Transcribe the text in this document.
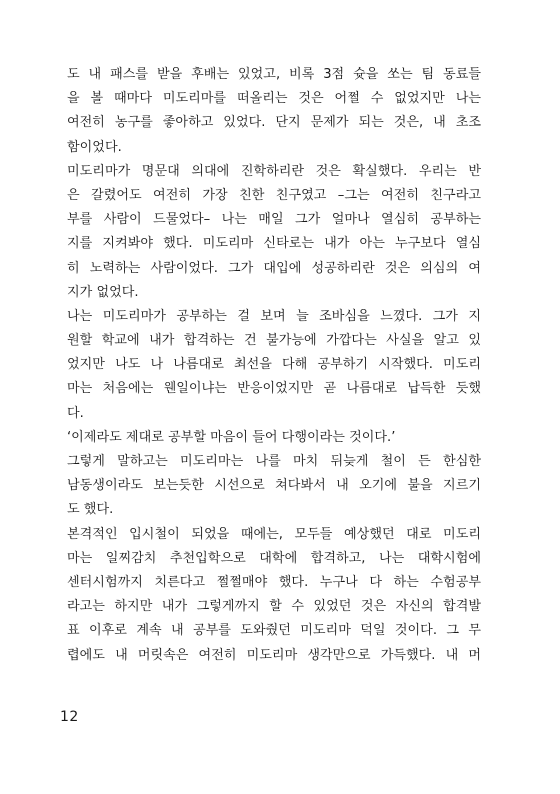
도 내 패스를 받을 후배는 있었고, 비록 3점 슛을 쏘는 팀 동료들
을 볼 때마다 미도리마를 떠올리는 것은 어쩔 수 없었지만 나는
여전히 농구를 좋아하고 있었다. 단지 문제가 되는 것은, 내 초조
함이었다.
미도리마가 명문대 의대에 진학하리란 것은 확실했다. 우리는 반
은 갈렸어도 여전히 가장 친한 친구였고 –그는 여전히 친구라고
부를 사람이 드물었다– 나는 매일 그가 얼마나 열심히 공부하는
지를 지켜봐야 했다. 미도리마 신타로는 내가 아는 누구보다 열심
히 노력하는 사람이었다. 그가 대입에 성공하리란 것은 의심의 여
지가 없었다.
나는 미도리마가 공부하는 걸 보며 늘 조바심을 느꼈다. 그가 지
원할 학교에 내가 합격하는 건 불가능에 가깝다는 사실을 알고 있
었지만 나도 나 나름대로 최선을 다해 공부하기 시작했다. 미도리
마는 처음에는 웬일이냐는 반응이었지만 곧 나름대로 납득한 듯했
다.
‘이제라도 제대로 공부할 마음이 들어 다행이라는 것이다.’
그렇게 말하고는 미도리마는 나를 마치 뒤늦게 철이 든 한심한
남동생이라도 보는듯한 시선으로 쳐다봐서 내 오기에 불을 지르기
도 했다.
본격적인 입시철이 되었을 때에는, 모두들 예상했던 대로 미도리
마는 일찌감치 추천입학으로 대학에 합격하고, 나는 대학시험에
센터시험까지 치른다고 쩔쩔매야 했다. 누구나 다 하는 수험공부
라고는 하지만 내가 그렇게까지 할 수 있었던 것은 자신의 합격발
표 이후로 계속 내 공부를 도와줬던 미도리마 덕일 것이다. 그 무
렵에도 내 머릿속은 여전히 미도리마 생각만으로 가득했다. 내 머
12
